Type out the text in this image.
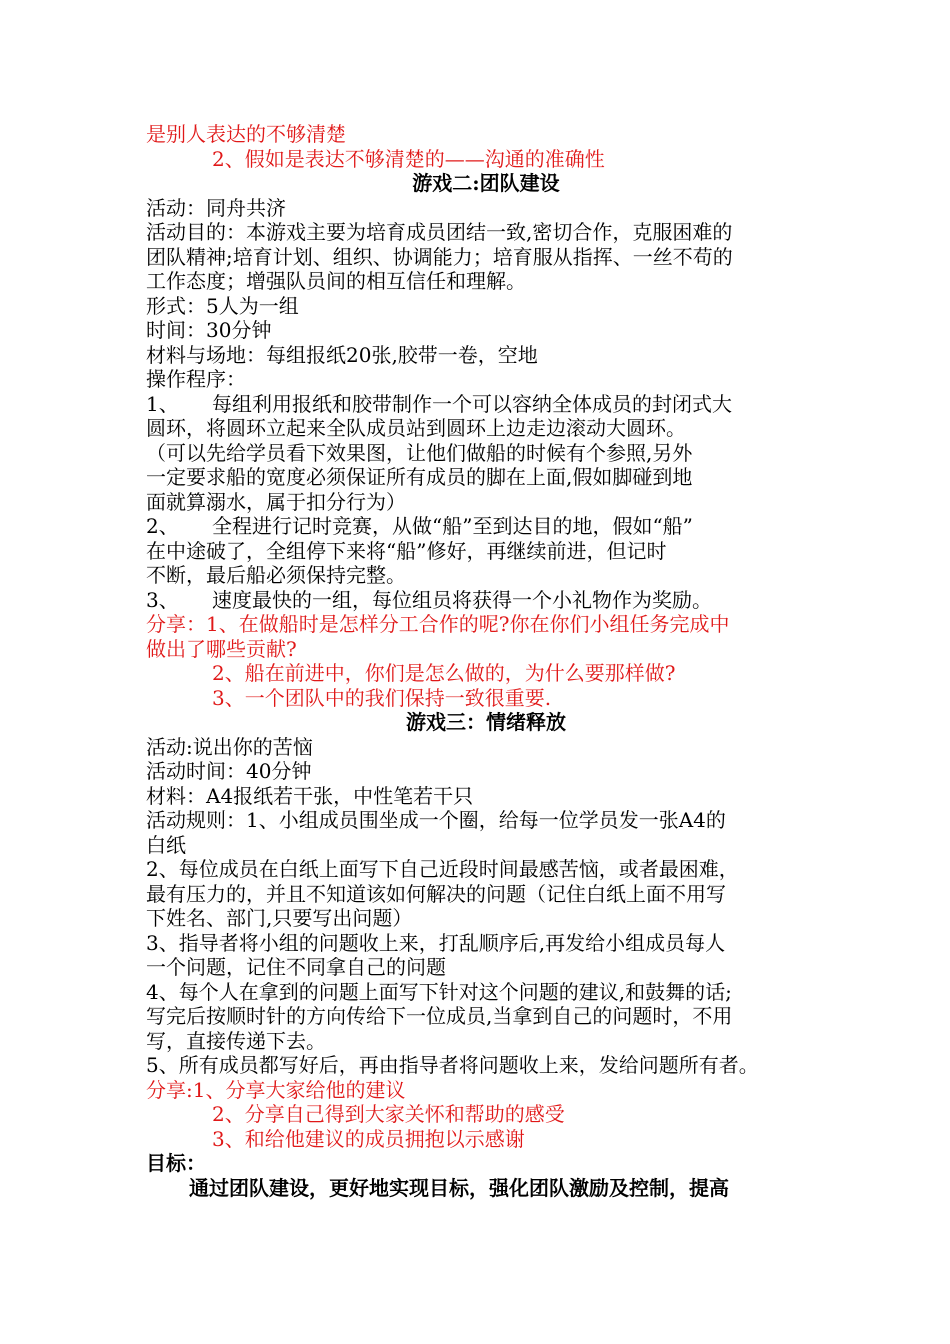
是别人表达的不够清楚
2、假如是表达不够清楚的——沟通的准确性
游戏二:团队建设
活动：同舟共济
活动目的：本游戏主要为培育成员团结一致,密切合作，克服困难的
团队精神;培育计划、组织、协调能力；培育服从指挥、一丝不苟的
工作态度；增强队员间的相互信任和理解。
形式：5人为一组
时间：30分钟
材料与场地：每组报纸20张,胶带一卷，空地
操作程序：
1、	每组利用报纸和胶带制作一个可以容纳全体成员的封闭式大
圆环，将圆环立起来全队成员站到圆环上边走边滚动大圆环。
（可以先给学员看下效果图，让他们做船的时候有个参照,另外
一定要求船的宽度必须保证所有成员的脚在上面,假如脚碰到地
面就算溺水，属于扣分行为）
2、	全程进行记时竞赛，从做“船”至到达目的地，假如“船”
在中途破了，全组停下来将“船”修好，再继续前进，但记时
不断，最后船必须保持完整。
3、	速度最快的一组，每位组员将获得一个小礼物作为奖励。
分享：1、在做船时是怎样分工合作的呢?你在你们小组任务完成中
做出了哪些贡献?
2、船在前进中，你们是怎么做的，为什么要那样做?
3、一个团队中的我们保持一致很重要.
游戏三：情绪释放
活动:说出你的苦恼
活动时间：40分钟
材料：A4报纸若干张，中性笔若干只
活动规则：1、小组成员围坐成一个圈，给每一位学员发一张A4的
白纸
2、每位成员在白纸上面写下自己近段时间最感苦恼，或者最困难，
最有压力的，并且不知道该如何解决的问题（记住白纸上面不用写
下姓名、部门,只要写出问题）
3、指导者将小组的问题收上来，打乱顺序后,再发给小组成员每人
一个问题，记住不同拿自己的问题
4、每个人在拿到的问题上面写下针对这个问题的建议,和鼓舞的话;
写完后按顺时针的方向传给下一位成员,当拿到自己的问题时，不用
写，直接传递下去。
5、所有成员都写好后，再由指导者将问题收上来，发给问题所有者。
分享:1、分享大家给他的建议
2、分享自己得到大家关怀和帮助的感受
3、和给他建议的成员拥抱以示感谢
目标：
通过团队建设，更好地实现目标，强化团队激励及控制，提高
